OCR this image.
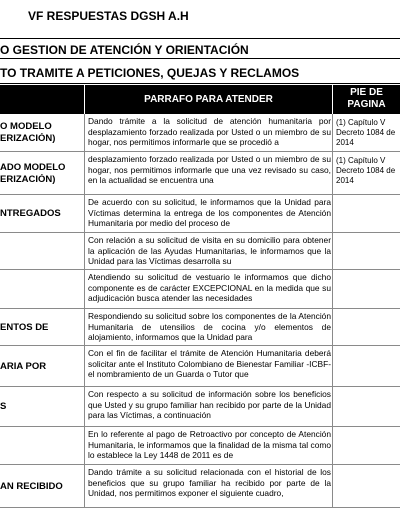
VF RESPUESTAS DGSH A.H
O GESTION DE ATENCIÓN Y ORIENTACIÓN
TO TRAMITE A PETICIONES, QUEJAS Y RECLAMOS
PARRAFO PARA ATENDER
PIE DE
PAGINA
O MODELO
ERIZACIÓN)
Dando trámite a la solicitud de atención humanitaria por desplazamiento forzado realizada por Usted o un miembro de su hogar, nos permitimos informarle que se procedió a
(1) Capítulo V Decreto 1084 de 2014
ADO MODELO
ERIZACIÓN)
desplazamiento forzado realizada por Usted o un miembro de su hogar, nos permitimos informarle que una vez revisado su caso, en la actualidad se encuentra una
(1) Capítulo V Decreto 1084 de 2014
NTREGADOS
De acuerdo con su solicitud, le informamos que la Unidad para Víctimas determina la entrega de los componentes de Atención Humanitaria por medio del proceso de
Con relación a su solicitud de visita en su domicilio para obtener la aplicación de las Ayudas Humanitarias, le informamos que la Unidad para las Víctimas desarrolla su
Atendiendo su solicitud de vestuario le informamos que dicho componente es de carácter EXCEPCIONAL en la medida que su adjudicación busca atender las necesidades
ENTOS DE
Respondiendo su solicitud sobre los componentes de la Atención Humanitaria de utensilios de cocina y/o elementos de alojamiento, informamos que la Unidad para
ARIA POR
Con el fin de facilitar el trámite de Atención Humanitaria deberá solicitar ante el Instituto Colombiano de Bienestar Familiar -ICBF- el nombramiento de un Guarda o Tutor que
S
Con respecto a su solicitud de información sobre los beneficios que Usted y su grupo familiar han recibido por parte de la Unidad para las Víctimas, a continuación
En lo referente al pago de Retroactivo por concepto de Atención Humanitaria, le informamos que la finalidad de la misma tal como lo establece la Ley 1448 de 2011 es de
AN RECIBIDO
Dando trámite a su solicitud relacionada con el historial de los beneficios que su grupo familiar ha recibido por parte de la Unidad, nos permitimos exponer el siguiente cuadro,
